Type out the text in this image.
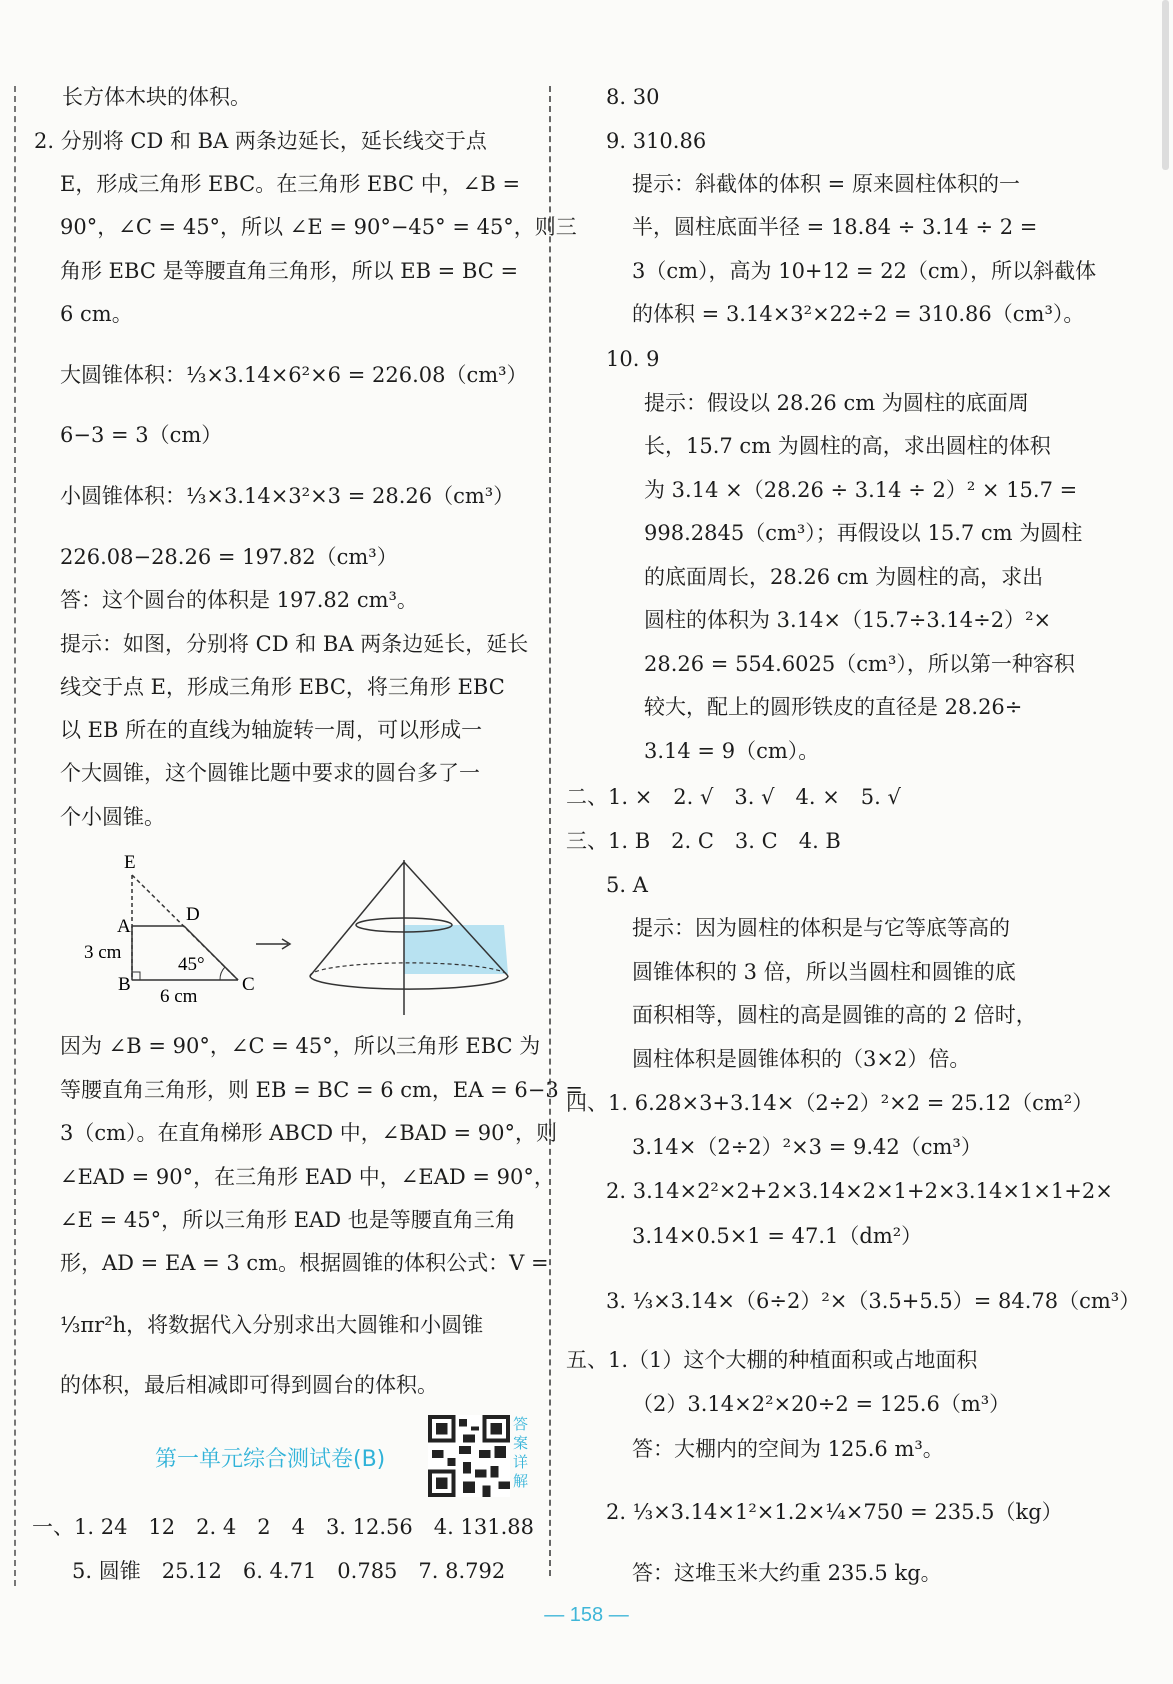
长方体木块的体积。
2. 分别将 CD 和 BA 两条边延长，延长线交于点
E，形成三角形 EBC。在三角形 EBC 中，∠B =
90°，∠C = 45°，所以 ∠E = 90°−45° = 45°，则三
角形 EBC 是等腰直角三角形，所以 EB = BC =
6 cm。
大圆锥体积：⅓×3.14×6²×6 = 226.08（cm³）
6−3 = 3（cm）
小圆锥体积：⅓×3.14×3²×3 = 28.26（cm³）
226.08−28.26 = 197.82（cm³）
答：这个圆台的体积是 197.82 cm³。
提示：如图，分别将 CD 和 BA 两条边延长，延长
线交于点 E，形成三角形 EBC，将三角形 EBC
以 EB 所在的直线为轴旋转一周，可以形成一
个大圆锥，这个圆锥比题中要求的圆台多了一
个小圆锥。
E
A
D
B	C
3 cm
6 cm
45°
因为 ∠B = 90°，∠C = 45°，所以三角形 EBC 为
等腰直角三角形，则 EB = BC = 6 cm，EA = 6−3 =
3（cm）。在直角梯形 ABCD 中，∠BAD = 90°，则
∠EAD = 90°，在三角形 EAD 中，∠EAD = 90°，
∠E = 45°，所以三角形 EAD 也是等腰直角三角
形，AD = EA = 3 cm。根据圆锥的体积公式：V =
⅓πr²h，将数据代入分别求出大圆锥和小圆锥
的体积，最后相减即可得到圆台的体积。
第一单元综合测试卷(B)
答案详解
一、1. 24　12　2. 4　2　4　3. 12.56　4. 131.88
5. 圆锥　25.12　6. 4.71　0.785　7. 8.792
8. 30
9. 310.86
提示：斜截体的体积 = 原来圆柱体积的一
半，圆柱底面半径 = 18.84 ÷ 3.14 ÷ 2 =
3（cm），高为 10+12 = 22（cm），所以斜截体
的体积 = 3.14×3²×22÷2 = 310.86（cm³）。
10. 9
提示：假设以 28.26 cm 为圆柱的底面周
长，15.7 cm 为圆柱的高，求出圆柱的体积
为 3.14 ×（28.26 ÷ 3.14 ÷ 2）² × 15.7 =
998.2845（cm³）；再假设以 15.7 cm 为圆柱
的底面周长，28.26 cm 为圆柱的高，求出
圆柱的体积为 3.14×（15.7÷3.14÷2）²×
28.26 = 554.6025（cm³），所以第一种容积
较大，配上的圆形铁皮的直径是 28.26÷
3.14 = 9（cm）。
二、1. ×　2. √　3. √　4. ×　5. √
三、1. B　2. C　3. C　4. B
5. A
提示：因为圆柱的体积是与它等底等高的
圆锥体积的 3 倍，所以当圆柱和圆锥的底
面积相等，圆柱的高是圆锥的高的 2 倍时，
圆柱体积是圆锥体积的（3×2）倍。
四、1. 6.28×3+3.14×（2÷2）²×2 = 25.12（cm²）
3.14×（2÷2）²×3 = 9.42（cm³）
2. 3.14×2²×2+2×3.14×2×1+2×3.14×1×1+2×
3.14×0.5×1 = 47.1（dm²）
3. ⅓×3.14×（6÷2）²×（3.5+5.5）= 84.78（cm³）
五、1.（1）这个大棚的种植面积或占地面积
（2）3.14×2²×20÷2 = 125.6（m³）
答：大棚内的空间为 125.6 m³。
2. ⅓×3.14×1²×1.2×¼×750 = 235.5（kg）
答：这堆玉米大约重 235.5 kg。
— 158 —
